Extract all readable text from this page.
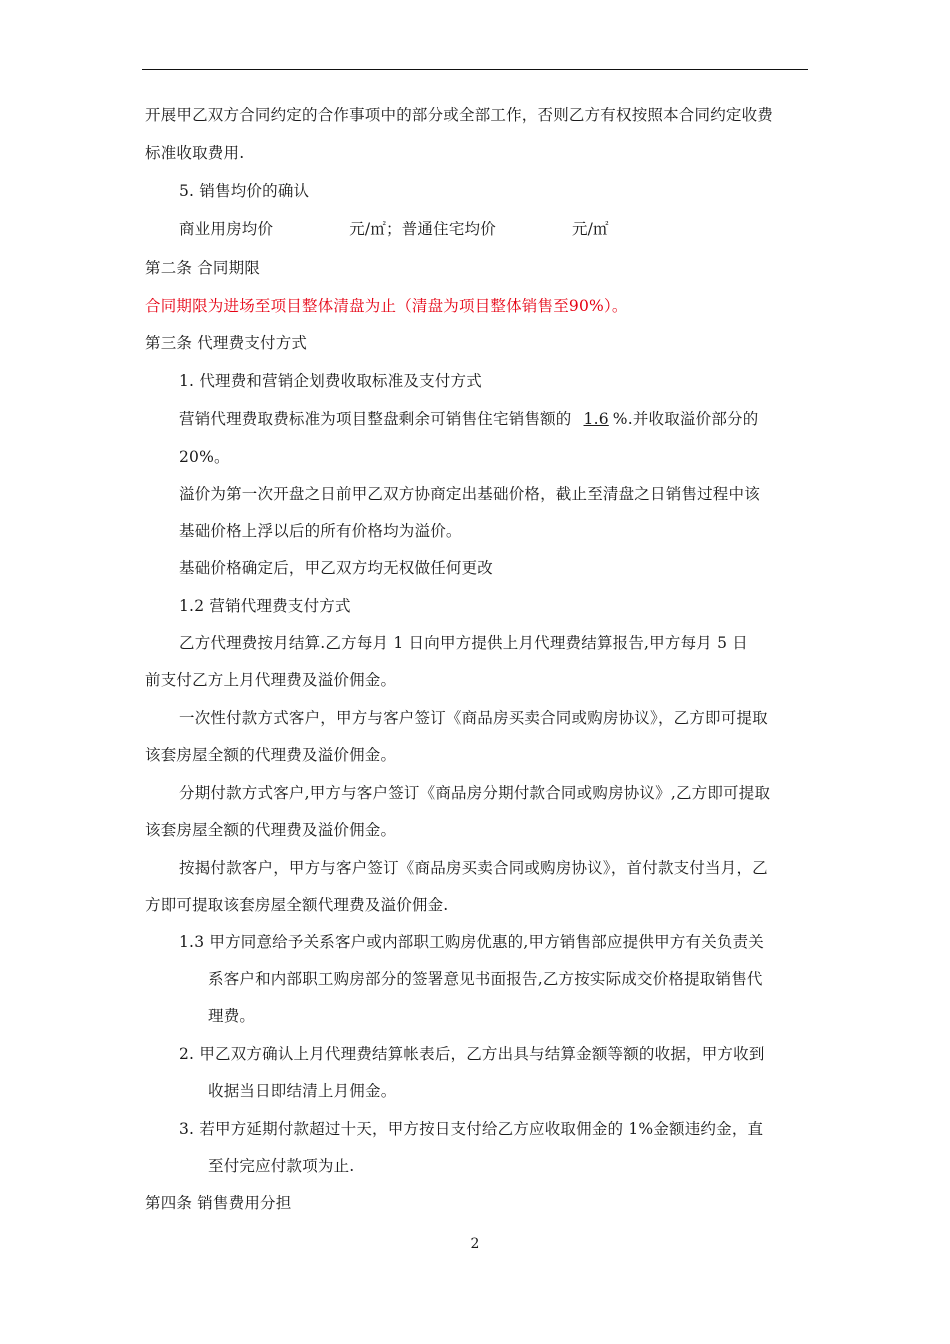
开展甲乙双方合同约定的合作事项中的部分或全部工作，否则乙方有权按照本合同约定收费
标准收取费用.
5. 销售均价的确认
商业用房均价	元/㎡；普通住宅均价	元/㎡
第二条 合同期限
合同期限为进场至项目整体清盘为止（清盘为项目整体销售至90%）。
第三条 代理费支付方式
1. 代理费和营销企划费收取标准及支付方式
营销代理费取费标准为项目整盘剩余可销售住宅销售额的 1.6 %.并收取溢价部分的
20%。
溢价为第一次开盘之日前甲乙双方协商定出基础价格，截止至清盘之日销售过程中该
基础价格上浮以后的所有价格均为溢价。
基础价格确定后，甲乙双方均无权做任何更改
1.2 营销代理费支付方式
乙方代理费按月结算.乙方每月 1 日向甲方提供上月代理费结算报告,甲方每月 5 日
前支付乙方上月代理费及溢价佣金。
一次性付款方式客户，甲方与客户签订《商品房买卖合同或购房协议》，乙方即可提取
该套房屋全额的代理费及溢价佣金。
分期付款方式客户,甲方与客户签订《商品房分期付款合同或购房协议》,乙方即可提取
该套房屋全额的代理费及溢价佣金。
按揭付款客户，甲方与客户签订《商品房买卖合同或购房协议》，首付款支付当月，乙
方即可提取该套房屋全额代理费及溢价佣金.
1.3 甲方同意给予关系客户或内部职工购房优惠的,甲方销售部应提供甲方有关负责关
系客户和内部职工购房部分的签署意见书面报告,乙方按实际成交价格提取销售代
理费。
2. 甲乙双方确认上月代理费结算帐表后，乙方出具与结算金额等额的收据，甲方收到
收据当日即结清上月佣金。
3. 若甲方延期付款超过十天，甲方按日支付给乙方应收取佣金的 1%金额违约金，直
至付完应付款项为止.
第四条 销售费用分担
2
